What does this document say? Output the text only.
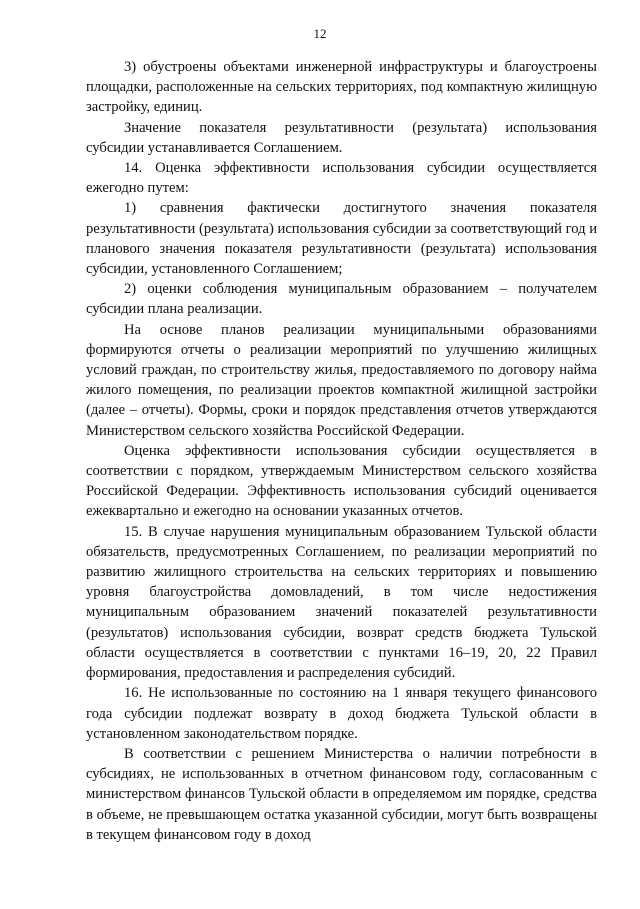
12

3) обустроены объектами инженерной инфраструктуры и благоустроены площадки, расположенные на сельских территориях, под компактную жилищную застройку, единиц.

Значение показателя результативности (результата) использования субсидии устанавливается Соглашением.

14. Оценка эффективности использования субсидии осуществляется ежегодно путем:

1) сравнения фактически достигнутого значения показателя результативности (результата) использования субсидии за соответствующий год и планового значения показателя результативности (результата) использования субсидии, установленного Соглашением;

2) оценки соблюдения муниципальным образованием – получателем субсидии плана реализации.

На основе планов реализации муниципальными образованиями формируются отчеты о реализации мероприятий по улучшению жилищных условий граждан, по строительству жилья, предоставляемого по договору найма жилого помещения, по реализации проектов компактной жилищной застройки (далее – отчеты). Формы, сроки и порядок представления отчетов утверждаются Министерством сельского хозяйства Российской Федерации.

Оценка эффективности использования субсидии осуществляется в соответствии с порядком, утверждаемым Министерством сельского хозяйства Российской Федерации. Эффективность использования субсидий оценивается ежеквартально и ежегодно на основании указанных отчетов.

15. В случае нарушения муниципальным образованием Тульской области обязательств, предусмотренных Соглашением, по реализации мероприятий по развитию жилищного строительства на сельских территориях и повышению уровня благоустройства домовладений, в том числе недостижения муниципальным образованием значений показателей результативности (результатов) использования субсидии, возврат средств бюджета Тульской области осуществляется в соответствии с пунктами 16–19, 20, 22 Правил формирования, предоставления и распределения субсидий.

16. Не использованные по состоянию на 1 января текущего финансового года субсидии подлежат возврату в доход бюджета Тульской области в установленном законодательством порядке.

В соответствии с решением Министерства о наличии потребности в субсидиях, не использованных в отчетном финансовом году, согласованным с министерством финансов Тульской области в определяемом им порядке, средства в объеме, не превышающем остатка указанной субсидии, могут быть возвращены в текущем финансовом году в доход
